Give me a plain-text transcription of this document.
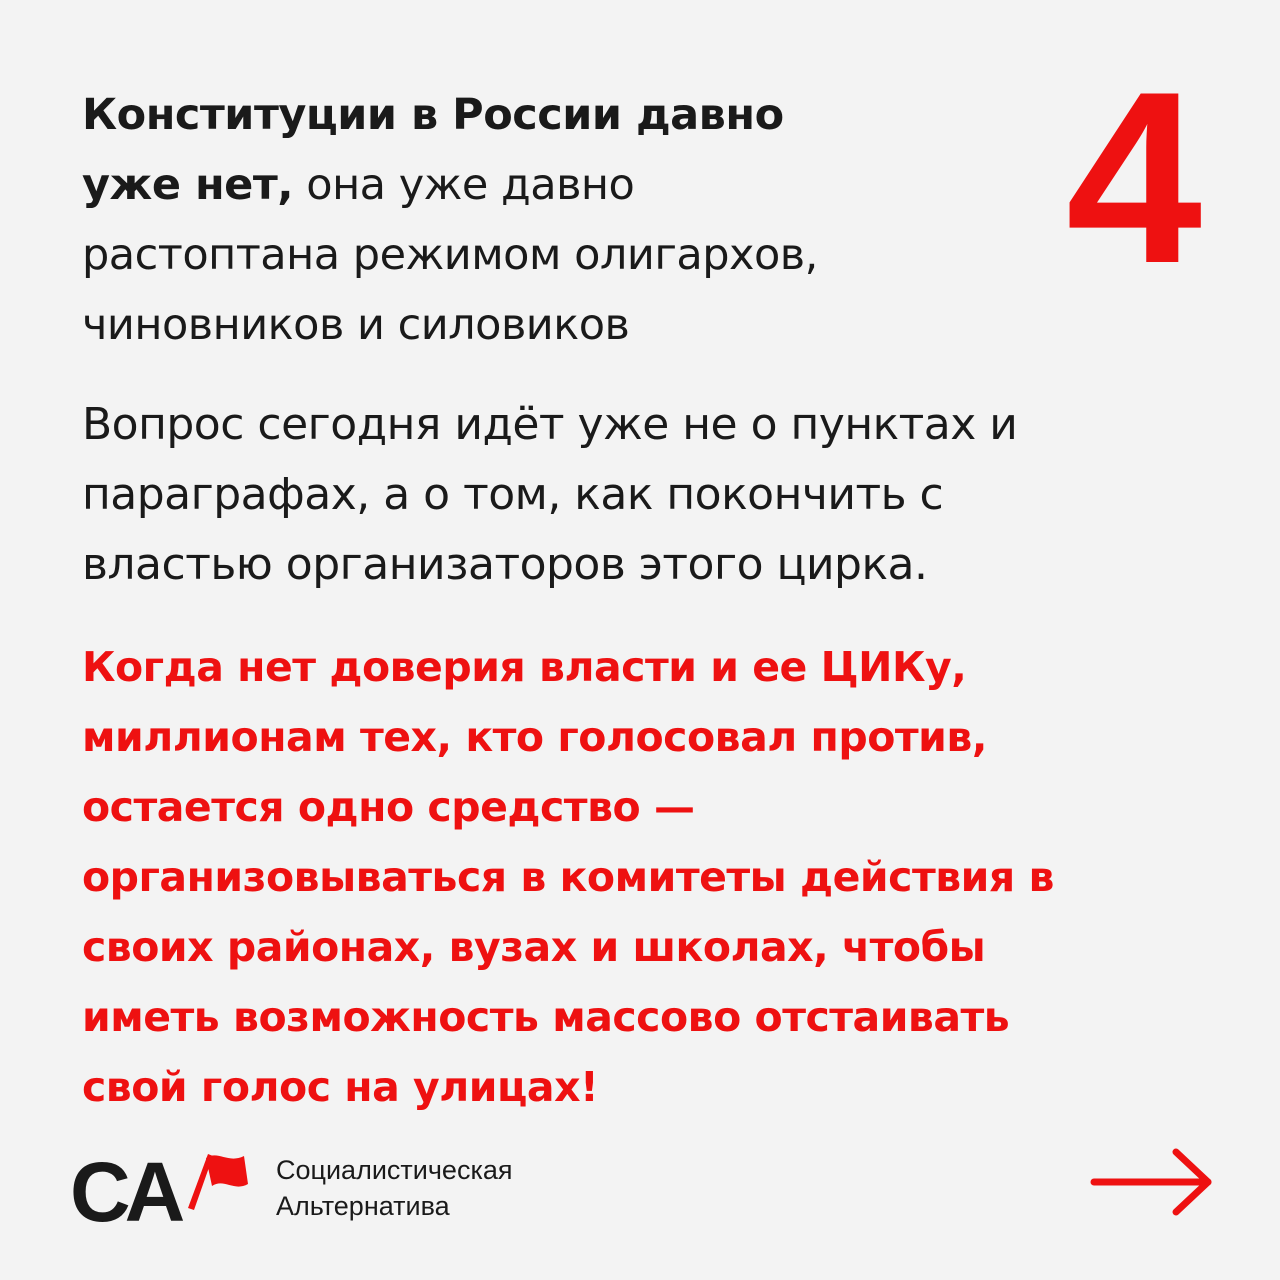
4
Конституции в России давно
уже нет, она уже давно
растоптана режимом олигархов,
чиновников и силовиков
Вопрос сегодня идёт уже не о пунктах и
параграфах, а о том, как покончить с
властью организаторов этого цирка.
Когда нет доверия власти и ее ЦИКу,
миллионам тех, кто голосовал против,
остается одно средство —
организовываться в комитеты действия в
своих районах, вузах и школах, чтобы
иметь возможность массово отстаивать
свой голос на улицах!
СА	Социалистическая
Альтернатива
